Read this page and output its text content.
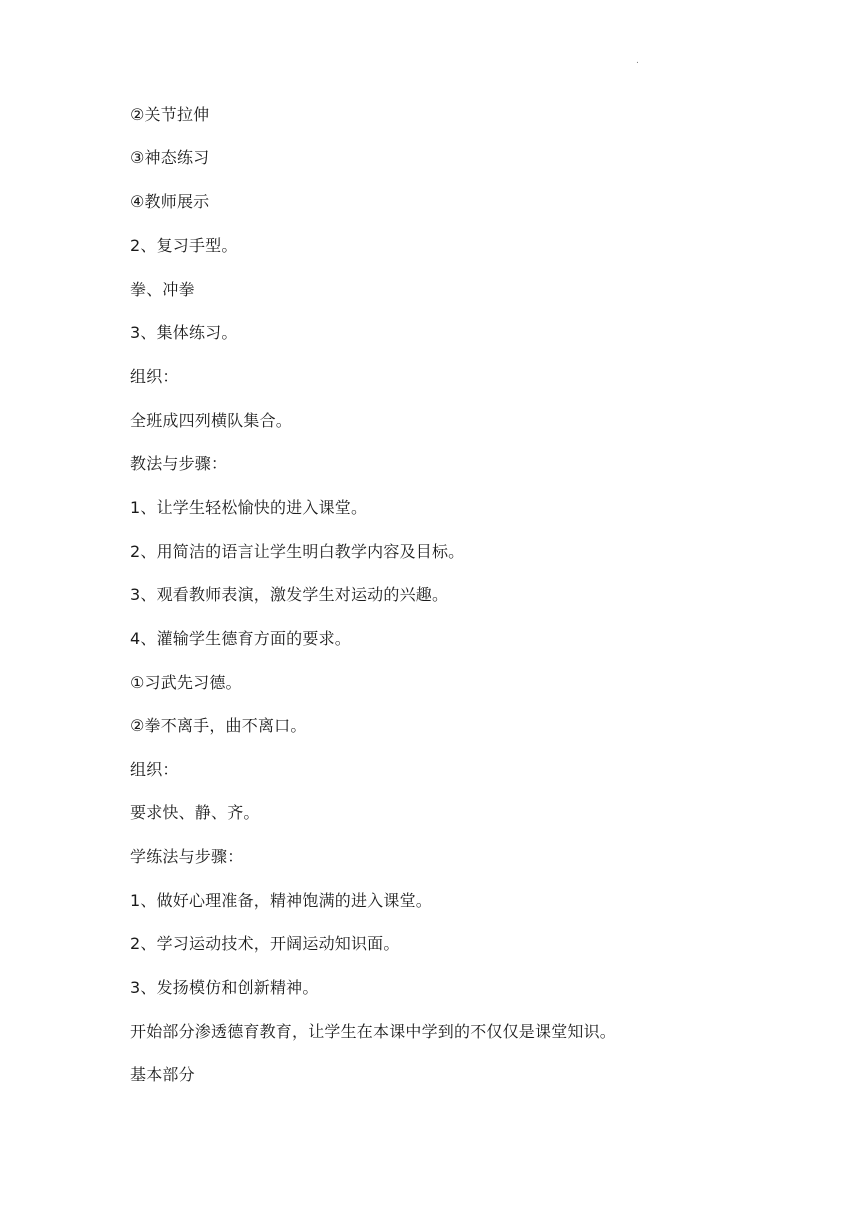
.
②关节拉伸
③神态练习
④教师展示
2、复习手型。
拳、冲拳
3、集体练习。
组织：
全班成四列横队集合。
教法与步骤：
1、让学生轻松愉快的进入课堂。
2、用简洁的语言让学生明白教学内容及目标。
3、观看教师表演，激发学生对运动的兴趣。
4、灌输学生德育方面的要求。
①习武先习德。
②拳不离手，曲不离口。
组织：
要求快、静、齐。
学练法与步骤：
1、做好心理准备，精神饱满的进入课堂。
2、学习运动技术，开阔运动知识面。
3、发扬模仿和创新精神。
开始部分渗透德育教育，让学生在本课中学到的不仅仅是课堂知识。
基本部分
